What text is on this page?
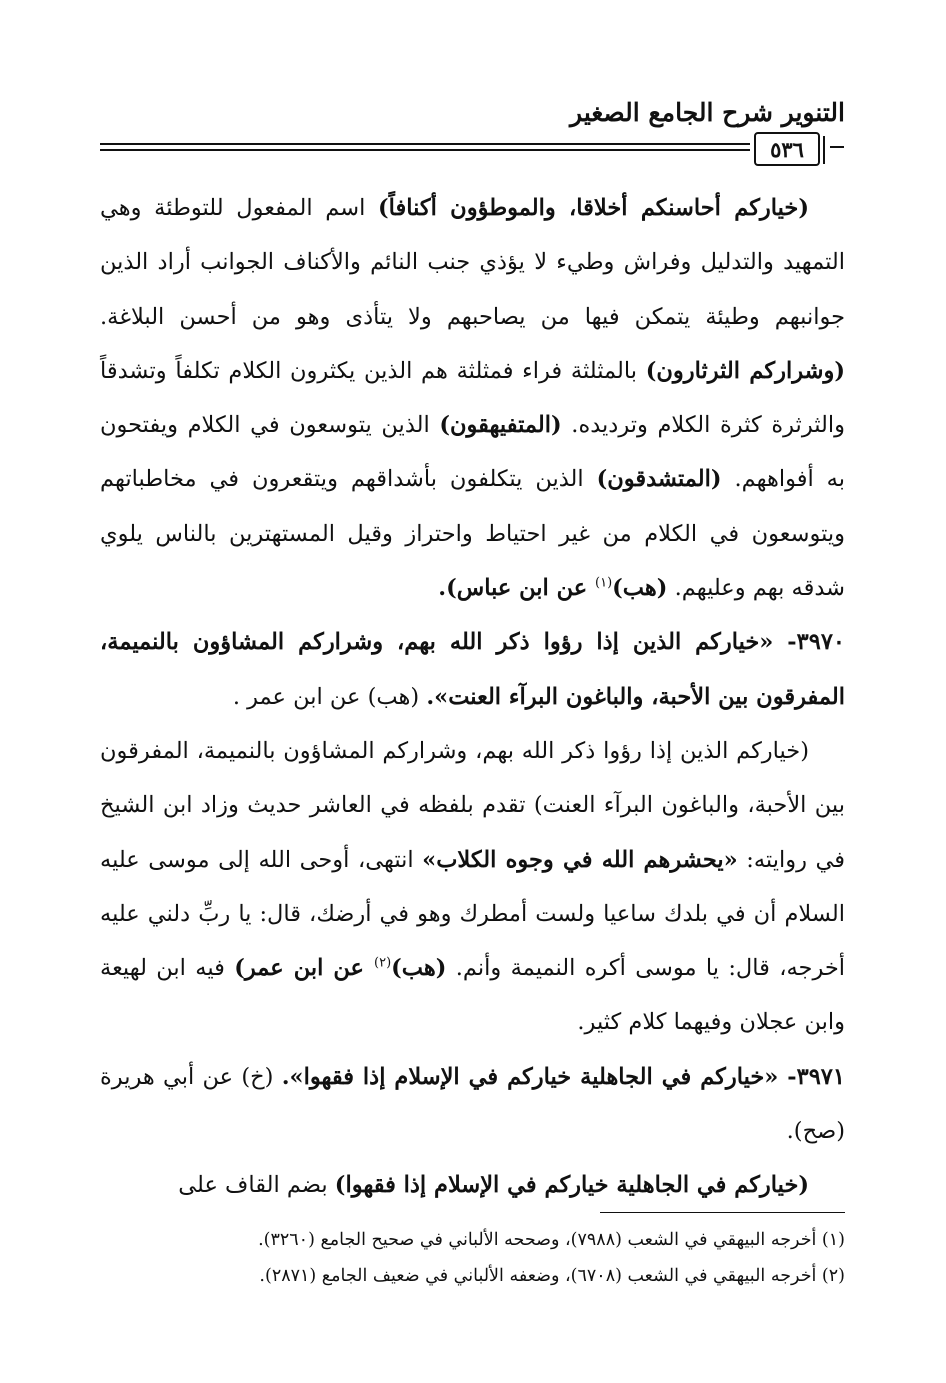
التنوير شرح الجامع الصغير
٥٣٦

(خياركم أحاسنكم أخلاقا، والموطؤون أكنافاً) اسم المفعول للتوطئة وهي التمهيد والتدليل وفراش وطيء لا يؤذي جنب النائم والأكناف الجوانب أراد الذين جوانبهم وطيئة يتمكن فيها من يصاحبهم ولا يتأذى وهو من أحسن البلاغة. (وشراركم الثرثارون) بالمثلثة فراء فمثلثة هم الذين يكثرون الكلام تكلفاً وتشدقاً والثرثرة كثرة الكلام وترديده. (المتفيهقون) الذين يتوسعون في الكلام ويفتحون به أفواههم. (المتشدقون) الذين يتكلفون بأشداقهم ويتقعرون في مخاطباتهم ويتوسعون في الكلام من غير احتياط واحتراز وقيل المستهترين بالناس يلوي شدقه بهم وعليهم. (هب)$^{(١)}$ عن ابن عباس).

٣٩٧٠- «خياركم الذين إذا رؤوا ذكر الله بهم، وشراركم المشاؤون بالنميمة، المفرقون بين الأحبة، والباغون البرآء العنت». (هب) عن ابن عمر .

(خياركم الذين إذا رؤوا ذكر الله بهم، وشراركم المشاؤون بالنميمة، المفرقون بين الأحبة، والباغون البرآء العنت) تقدم بلفظه في العاشر حديث وزاد ابن الشيخ في روايته: «يحشرهم الله في وجوه الكلاب» انتهى، أوحى الله إلى موسى عليه السلام أن في بلدك ساعيا ولست أمطرك وهو في أرضك، قال: يا ربِّ دلني عليه أخرجه، قال: يا موسى أكره النميمة وأنم. (هب)$^{(٢)}$ عن ابن عمر) فيه ابن لهيعة وابن عجلان وفيهما كلام كثير.

٣٩٧١- «خياركم في الجاهلية خياركم في الإسلام إذا فقهوا». (خ) عن أبي هريرة (صح).

(خياركم في الجاهلية خياركم في الإسلام إذا فقهوا) بضم القاف على

(١) أخرجه البيهقي في الشعب (٧٩٨٨)، وصححه الألباني في صحيح الجامع (٣٢٦٠).

(٢) أخرجه البيهقي في الشعب (٦٧٠٨)، وضعفه الألباني في ضعيف الجامع (٢٨٧١).
